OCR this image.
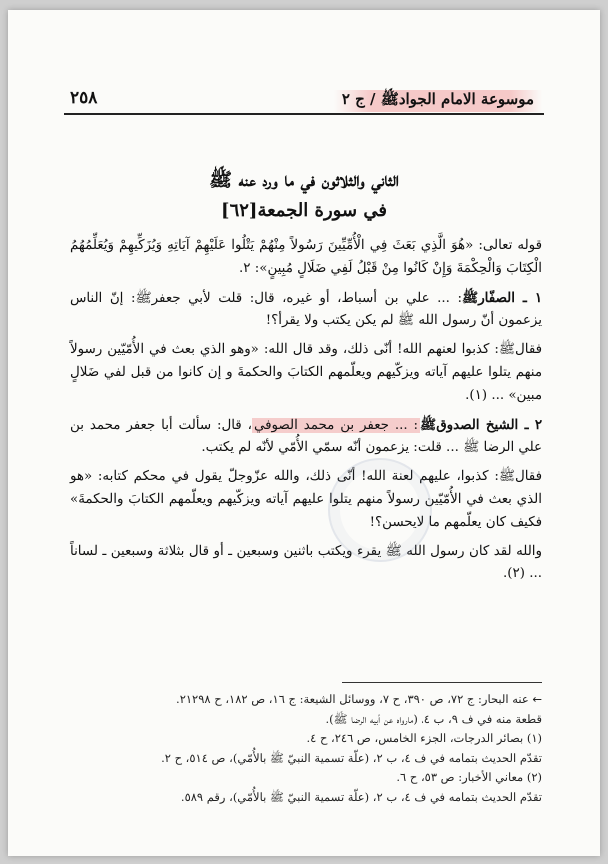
موسوعة الامام الجوادﷺ / ج ٢
٢٥٨
الثاني والثلاثون في ما ورد عنه ﷺ
في سورة الجمعة[٦٢]

قوله تعالى: «هُوَ الَّذِي بَعَثَ فِي الْأُمِّيِّينَ رَسُولاً مِنْهُمْ يَتْلُوا عَلَيْهِمْ آيَاتِهِ وَيُزَكِّيهِمْ وَيُعَلِّمُهُمُ الْكِتَابَ وَالْحِكْمَةَ وَإِنْ كَانُوا مِنْ قَبْلُ لَفِي ضَلَالٍ مُبِينٍ»: ٢.

١ ـ الصفّارﷺ: ... علي بن أسباط، أو غيره، قال: قلت لأبي جعفرﷺ: إنّ الناس يزعمون أنّ رسول الله ﷺ لم يكن يكتب ولا يقرأ؟!

فقالﷺ: كذبوا لعنهم الله! أنّى ذلك، وقد قال الله: «وهو الذي بعث في الأُمّيّين رسولاً منهم يتلوا عليهم آياته ويزكّيهم ويعلّمهم الكتابَ والحكمةَ و إن كانوا من قبل لفي ضَلالٍ مبين» ... (١).

٢ ـ الشيخ الصدوقﷺ: ... جعفر بن محمد الصوفي، قال: سألت أبا جعفر محمد بن علي الرضا ﷺ ... قلت: يزعمون أنّه سمّي الأُمّي لأنّه لم يكتب.

فقالﷺ: كذبوا، عليهم لعنة الله! أنّى ذلك، والله عزّوجلّ يقول في محكم كتابه: «هو الذي بعث في الأُمّيّين رسولاً منهم يتلوا عليهم آياته ويزكّيهم ويعلّمهم الكتابَ والحكمةَ» فكيف كان يعلّمهم ما لايحسن؟!

والله لقد كان رسول الله ﷺ يقرء ويكتب باثنين وسبعين ـ أو قال بثلاثة وسبعين ـ لساناً ... (٢).

← عنه البحار: ج ٧٢، ص ٣٩٠، ح ٧، ووسائل الشيعة: ج ١٦، ص ١٨٢، ح ٢١٢٩٨.

قطعة منه في ف ٩، ب ٤، (مارواه عن أبيه الرضا ﷺ).

(١) بصائر الدرجات، الجزء الخامس، ص ٢٤٦، ح ٤.

تقدّم الحديث بتمامه في ف ٤، ب ٢، (علّة تسمية النبيّ ﷺ بالأُمّي)، ص ٥١٤، ح ٢.

(٢) معاني الأخبار: ص ٥٣، ح ٦.

تقدّم الحديث بتمامه في ف ٤، ب ٢، (علّة تسمية النبيّ ﷺ بالأُمّي)، رقم ٥٨٩.
